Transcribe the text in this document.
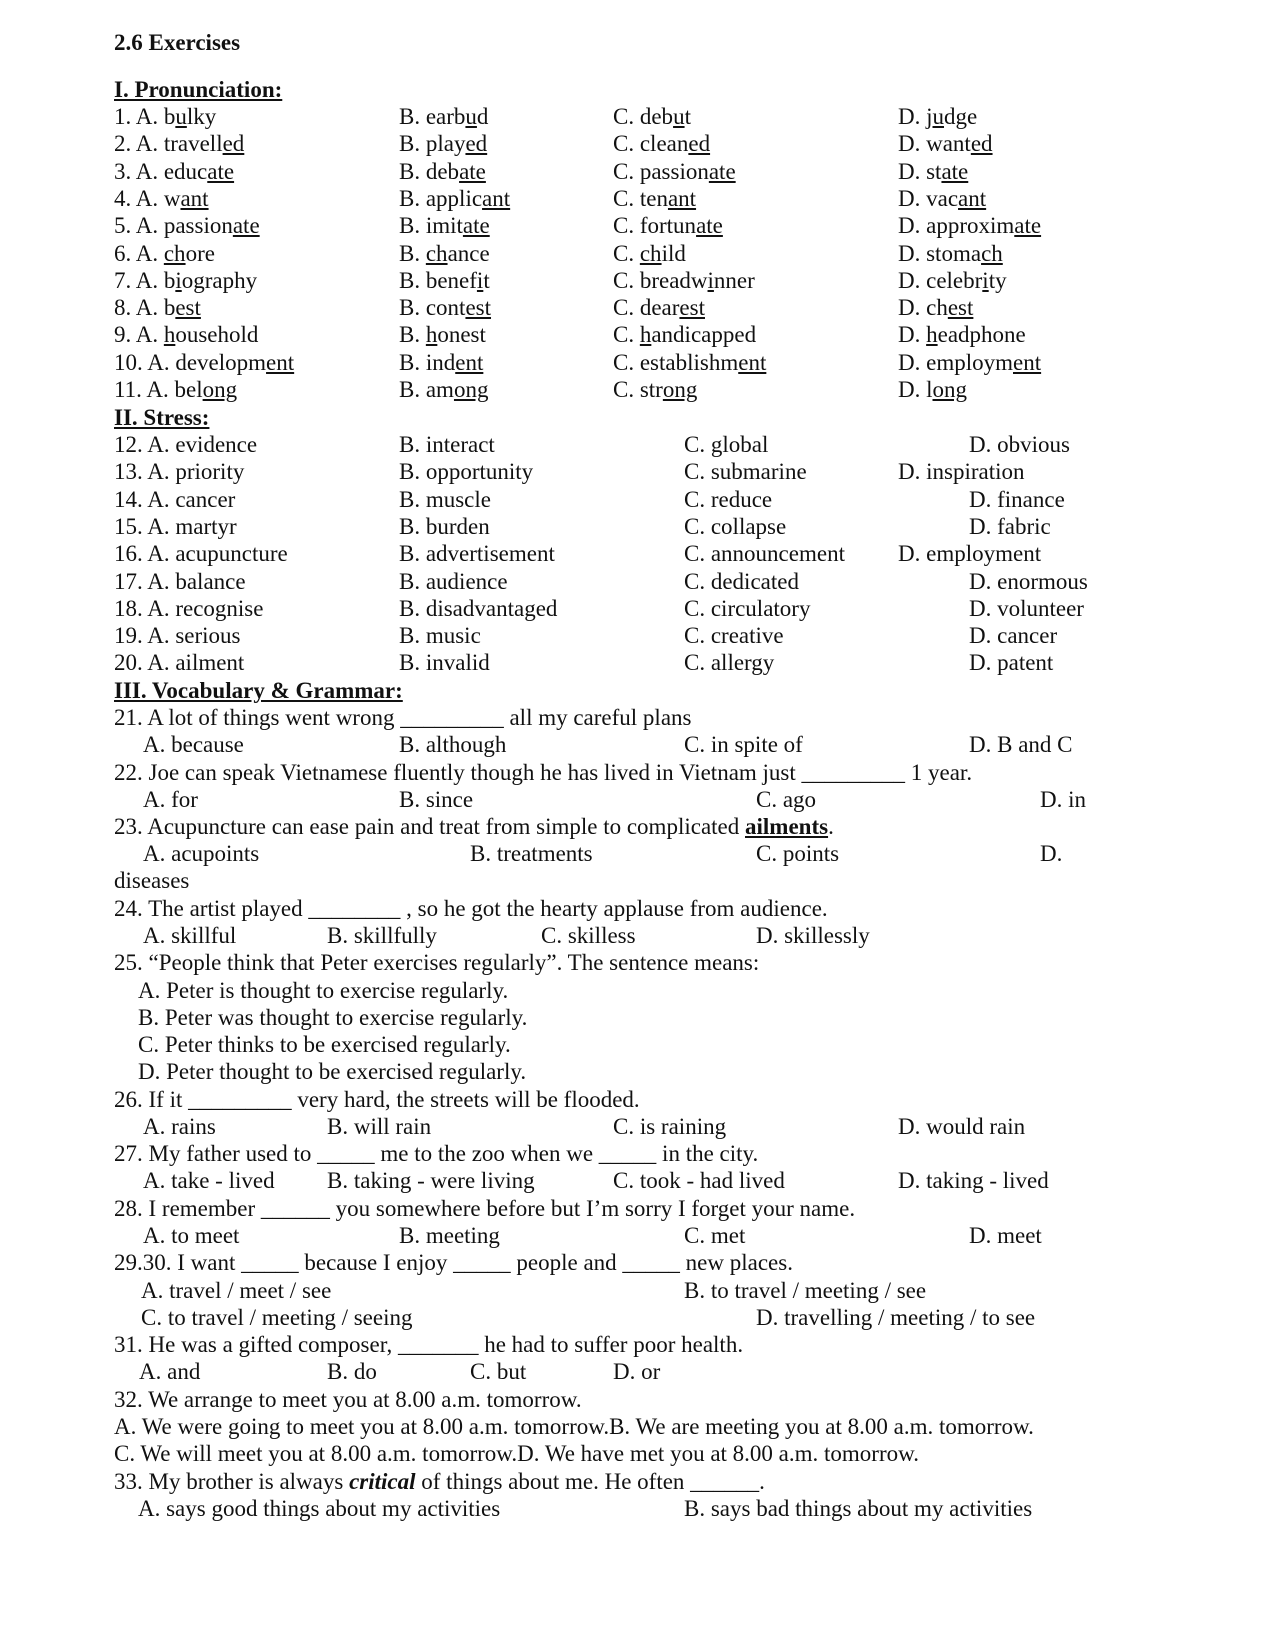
2.6 Exercises
I. Pronunciation:
1. A. bulky	B. earbud	C. debut	D. judge
2. A. travelled	B. played	C. cleaned	D. wanted
3. A. educate	B. debate	C. passionate	D. state
4. A. want	B. applicant	C. tenant	D. vacant
5. A. passionate	B. imitate	C. fortunate	D. approximate
6. A. chore	B. chance	C. child	D. stomach
7. A. biography	B. benefit	C. breadwinner	D. celebrity
8. A. best	B. contest	C. dearest	D. chest
9. A. household	B. honest	C. handicapped	D. headphone
10. A. development	B. indent	C. establishment	D. employment
11. A. belong	B. among	C. strong	D. long
II. Stress:
12. A. evidence	B. interact	C. global	D. obvious
13. A. priority	B. opportunity	C. submarine	D. inspiration
14. A. cancer	B. muscle	C. reduce	D. finance
15. A. martyr	B. burden	C. collapse	D. fabric
16. A. acupuncture	B. advertisement	C. announcement D. employment
17. A. balance	B. audience	C. dedicated	D. enormous
18. A. recognise	B. disadvantaged	C. circulatory	D. volunteer
19. A. serious	B. music	C. creative	D. cancer
20. A. ailment	B. invalid	C. allergy	D. patent
III. Vocabulary & Grammar:
21. A lot of things went wrong _________ all my careful plans
A. because	B. although	C. in spite of	D. B and C
22. Joe can speak Vietnamese fluently though he has lived in Vietnam just _________ 1 year.
A. for	B. since	C. ago	D. in
23. Acupuncture can ease pain and treat from simple to complicated ailments.
A. acupoints	B. treatments	C. points	D.
diseases
24. The artist played ________ , so he got the hearty applause from audience.
A. skillful	B. skillfully	C. skilless	D. skillessly
25. “People think that Peter exercises regularly”. The sentence means:
A. Peter is thought to exercise regularly.
B. Peter was thought to exercise regularly.
C. Peter thinks to be exercised regularly.
D. Peter thought to be exercised regularly.
26. If it _________ very hard, the streets will be flooded.
A. rains	B. will rain	C. is raining	D. would rain
27. My father used to _____ me to the zoo when we _____ in the city.
A. take - lived B. taking - were living	C. took - had lived	D. taking - lived
28. I remember ______ you somewhere before but I’m sorry I forget your name.
A. to meet	B. meeting	C. met	D. meet
29.30. I want _____ because I enjoy _____ people and _____ new places.
A. travel / meet / see	B. to travel / meeting / see
C. to travel / meeting / seeing	D. travelling / meeting / to see
31. He was a gifted composer, _______ he had to suffer poor health.
A. and	B. do	C. but	D. or
32. We arrange to meet you at 8.00 a.m. tomorrow.
A. We were going to meet you at 8.00 a.m. tomorrow.B. We are meeting you at 8.00 a.m. tomorrow.
C. We will meet you at 8.00 a.m. tomorrow.D. We have met you at 8.00 a.m. tomorrow.
33. My brother is always critical of things about me. He often ______.
A. says good things about my activities	B. says bad things about my activities
